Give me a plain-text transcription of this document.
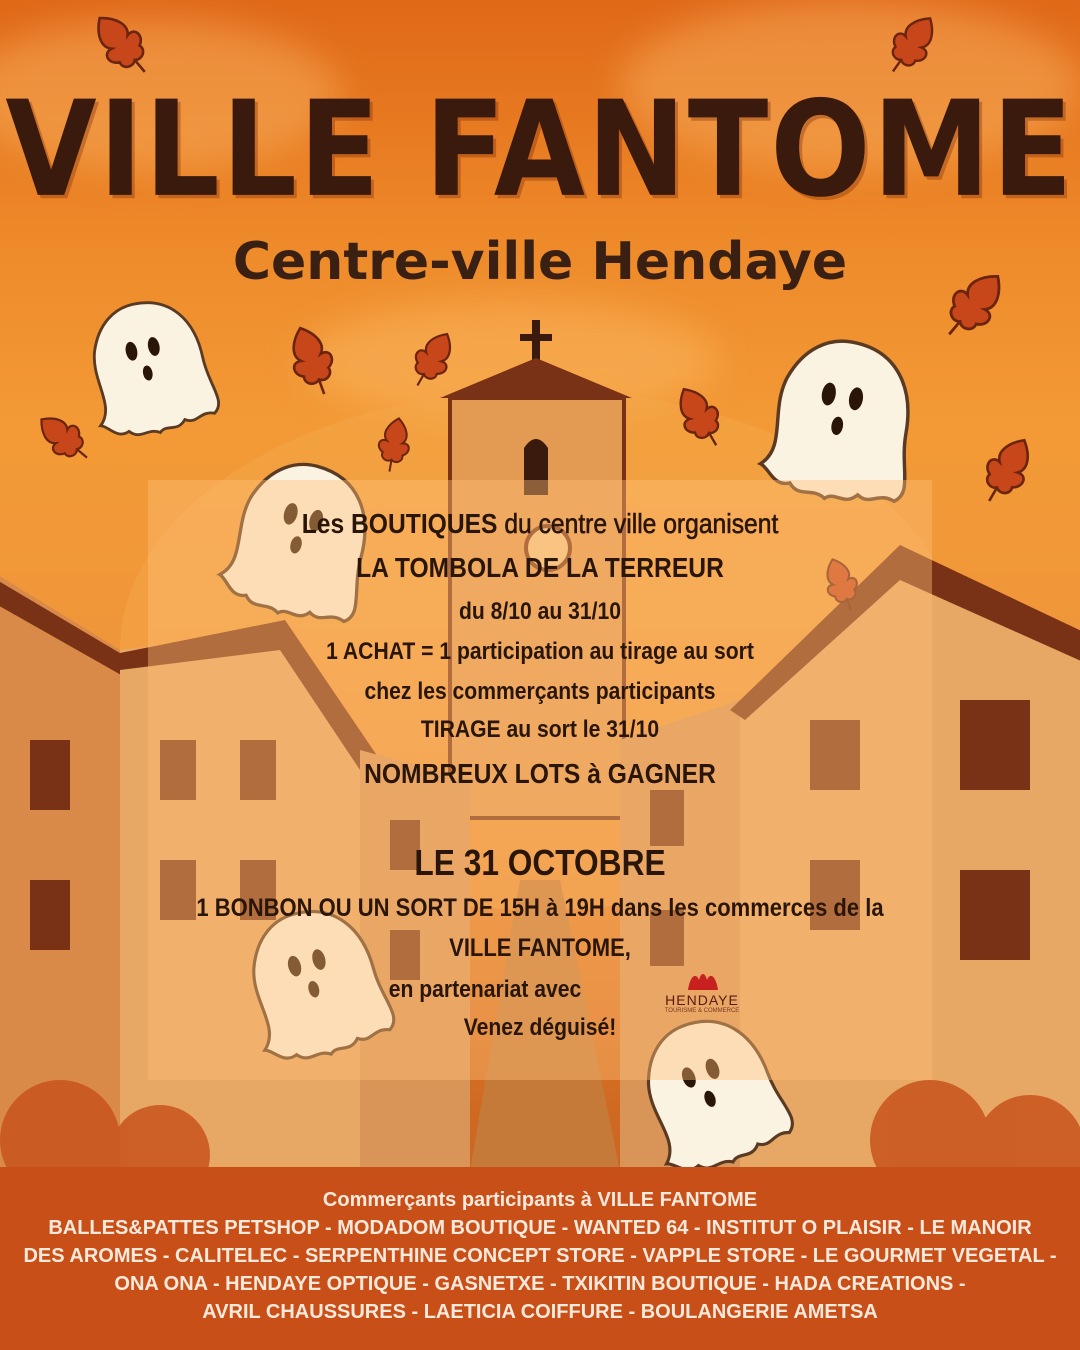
VILLE FANTOME
Centre-ville Hendaye
Les BOUTIQUES du centre ville organisent
LA TOMBOLA DE LA TERREUR
du 8/10 au 31/10
1 ACHAT = 1 participation au tirage au sort
chez les commerçants participants
TIRAGE au sort le 31/10
NOMBREUX LOTS à GAGNER
LE 31 OCTOBRE
1 BONBON OU UN SORT DE 15H à 19H dans les commerces de la
VILLE FANTOME,
en partenariat avec
Venez déguisé!
HENDAYE
TOURISME & COMMERCE
Commerçants participants à VILLE FANTOME
BALLES&PATTES PETSHOP - MODADOM BOUTIQUE - WANTED 64 - INSTITUT O PLAISIR - LE MANOIR
DES AROMES - CALITELEC - SERPENTHINE CONCEPT STORE - VAPPLE STORE - LE GOURMET VEGETAL -
ONA ONA - HENDAYE OPTIQUE - GASNETXE - TXIKITIN BOUTIQUE - HADA CREATIONS -
AVRIL CHAUSSURES - LAETICIA COIFFURE - BOULANGERIE AMETSA
